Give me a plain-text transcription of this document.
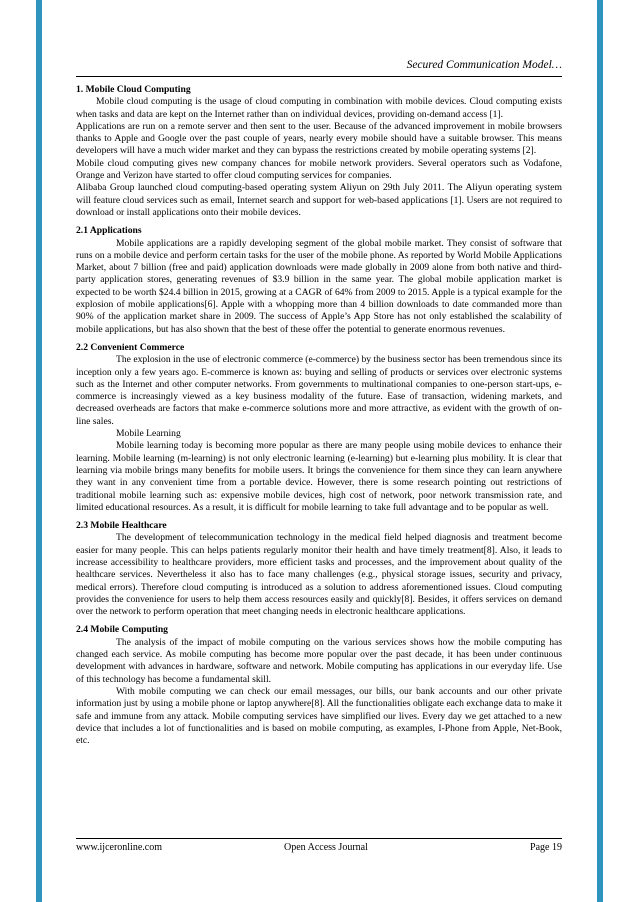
Secured Communication Model…

1. Mobile Cloud Computing

Mobile cloud computing is the usage of cloud computing in combination with mobile devices. Cloud computing exists when tasks and data are kept on the Internet rather than on individual devices, providing on-demand access [1].

Applications are run on a remote server and then sent to the user. Because of the advanced improvement in mobile browsers thanks to Apple and Google over the past couple of years, nearly every mobile should have a suitable browser. This means developers will have a much wider market and they can bypass the restrictions created by mobile operating systems [2].

Mobile cloud computing gives new company chances for mobile network providers. Several operators such as Vodafone, Orange and Verizon have started to offer cloud computing services for companies.

Alibaba Group launched cloud computing-based operating system Aliyun on 29th July 2011. The Aliyun operating system will feature cloud services such as email, Internet search and support for web-based applications [1]. Users are not required to download or install applications onto their mobile devices.

2.1 Applications

Mobile applications are a rapidly developing segment of the global mobile market. They consist of software that runs on a mobile device and perform certain tasks for the user of the mobile phone. As reported by World Mobile Applications Market, about 7 billion (free and paid) application downloads were made globally in 2009 alone from both native and third-party application stores, generating revenues of $3.9 billion in the same year. The global mobile application market is expected to be worth $24.4 billion in 2015, growing at a CAGR of 64% from 2009 to 2015. Apple is a typical example for the explosion of mobile applications[6]. Apple with a whopping more than 4 billion downloads to date commanded more than 90% of the application market share in 2009. The success of Apple’s App Store has not only established the scalability of mobile applications, but has also shown that the best of these offer the potential to generate enormous revenues.

2.2 Convenient Commerce

The explosion in the use of electronic commerce (e-commerce) by the business sector has been tremendous since its inception only a few years ago. E-commerce is known as: buying and selling of products or services over electronic systems such as the Internet and other computer networks. From governments to multinational companies to one-person start-ups, e-commerce is increasingly viewed as a key business modality of the future. Ease of transaction, widening markets, and decreased overheads are factors that make e-commerce solutions more and more attractive, as evident with the growth of on-line sales.

Mobile Learning

Mobile learning today is becoming more popular as there are many people using mobile devices to enhance their learning. Mobile learning (m-learning) is not only electronic learning (e-learning) but e-learning plus mobility. It is clear that learning via mobile brings many benefits for mobile users. It brings the convenience for them since they can learn anywhere they want in any convenient time from a portable device. However, there is some research pointing out restrictions of traditional mobile learning such as: expensive mobile devices, high cost of network, poor network transmission rate, and limited educational resources. As a result, it is difficult for mobile learning to take full advantage and to be popular as well.

2.3 Mobile Healthcare

The development of telecommunication technology in the medical field helped diagnosis and treatment become easier for many people. This can helps patients regularly monitor their health and have timely treatment[8]. Also, it leads to increase accessibility to healthcare providers, more efficient tasks and processes, and the improvement about quality of the healthcare services. Nevertheless it also has to face many challenges (e.g., physical storage issues, security and privacy, medical errors). Therefore cloud computing is introduced as a solution to address aforementioned issues. Cloud computing provides the convenience for users to help them access resources easily and quickly[8]. Besides, it offers services on demand over the network to perform operation that meet changing needs in electronic healthcare applications.

2.4 Mobile Computing

The analysis of the impact of mobile computing on the various services shows how the mobile computing has changed each service. As mobile computing has become more popular over the past decade, it has been under continuous development with advances in hardware, software and network. Mobile computing has applications in our everyday life. Use of this technology has become a fundamental skill.

With mobile computing we can check our email messages, our bills, our bank accounts and our other private information just by using a mobile phone or laptop anywhere[8]. All the functionalities obligate each exchange data to make it safe and immune from any attack. Mobile computing services have simplified our lives. Every day we get attached to a new device that includes a lot of functionalities and is based on mobile computing, as examples, I-Phone from Apple, Net-Book, etc.

www.ijceronline.com	Open Access Journal	Page 19
